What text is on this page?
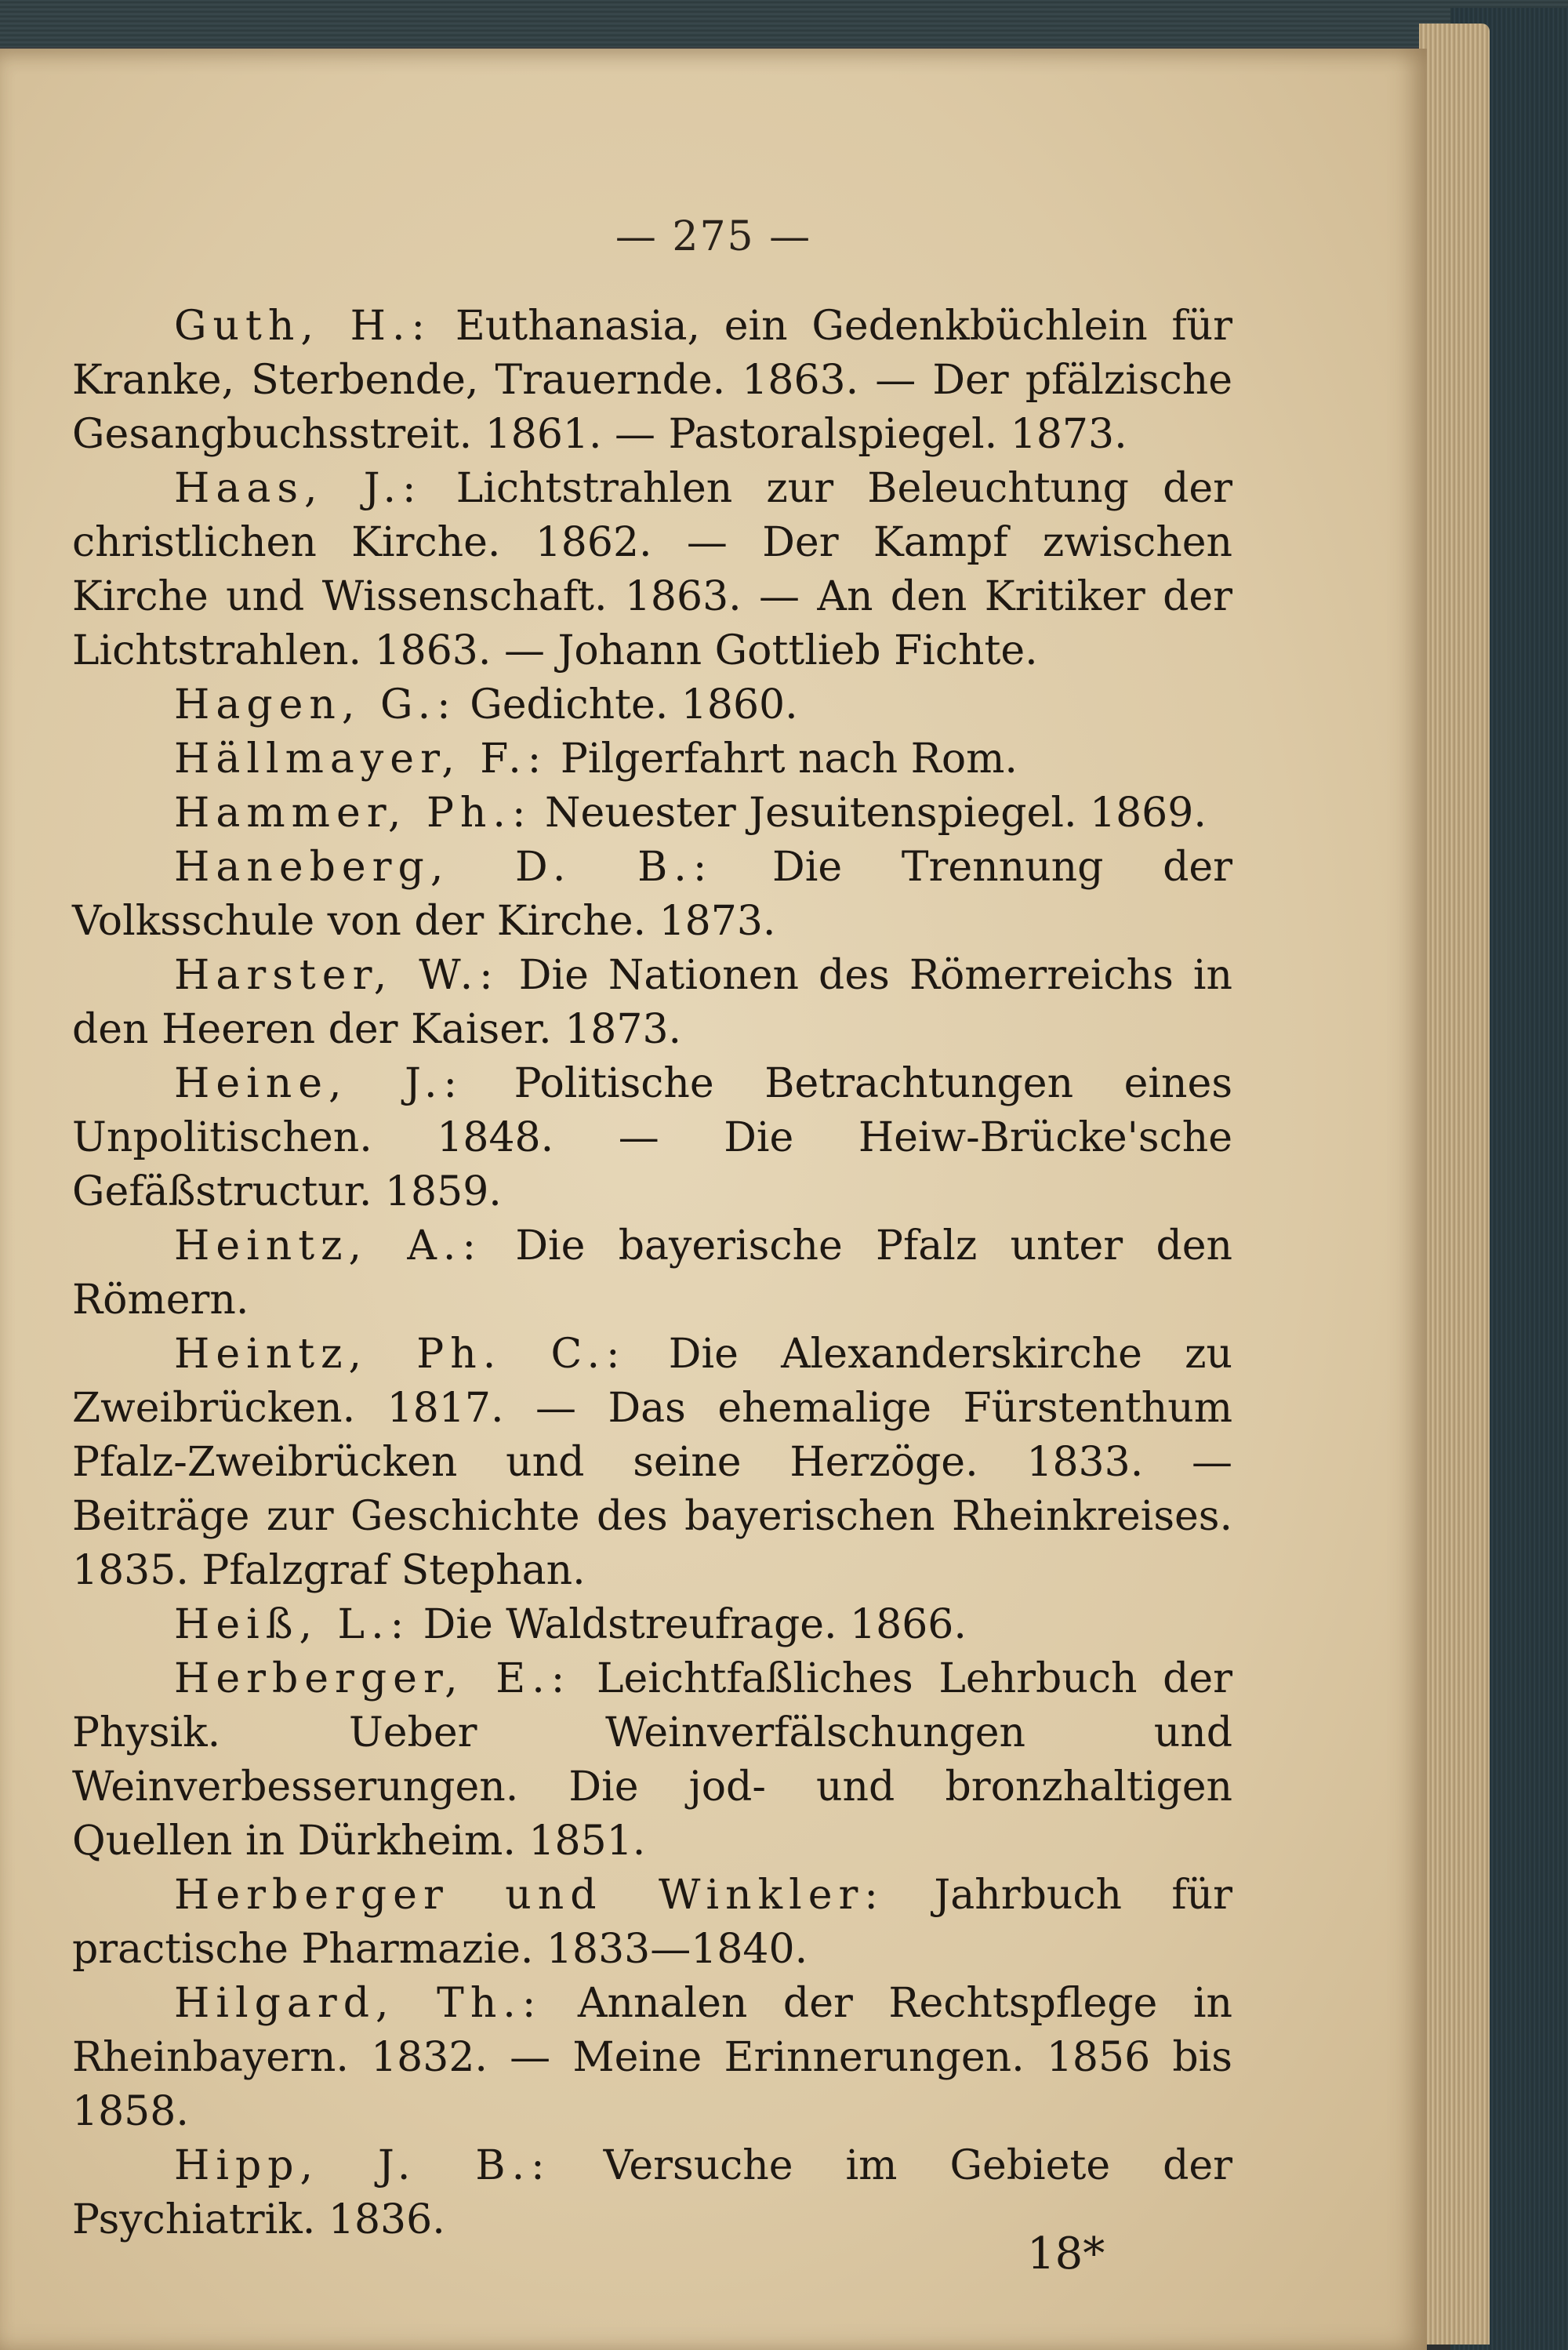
— 275 —

Guth, H.: Euthanasia, ein Gedenkbüchlein für Kranke, Sterbende, Trauernde. 1863. — Der pfälzische Gesangbuchsstreit. 1861. — Pastoralspiegel. 1873.

Haas, J.: Lichtstrahlen zur Beleuchtung der christlichen Kirche. 1862. — Der Kampf zwischen Kirche und Wissenschaft. 1863. — An den Kritiker der Lichtstrahlen. 1863. — Johann Gottlieb Fichte.

Hagen, G.: Gedichte. 1860.

Hällmayer, F.: Pilgerfahrt nach Rom.

Hammer, Ph.: Neuester Jesuitenspiegel. 1869.

Haneberg, D. B.: Die Trennung der Volksschule von der Kirche. 1873.

Harster, W.: Die Nationen des Römerreichs in den Heeren der Kaiser. 1873.

Heine, J.: Politische Betrachtungen eines Unpolitischen. 1848. — Die Heiw-Brücke'sche Gefäßstructur. 1859.

Heintz, A.: Die bayerische Pfalz unter den Römern.

Heintz, Ph. C.: Die Alexanderskirche zu Zweibrücken. 1817. — Das ehemalige Fürstenthum Pfalz-Zweibrücken und seine Herzöge. 1833. — Beiträge zur Geschichte des bayerischen Rheinkreises. 1835. Pfalzgraf Stephan.

Heiß, L.: Die Waldstreufrage. 1866.

Herberger, E.: Leichtfaßliches Lehrbuch der Physik. Ueber Weinverfälschungen und Weinverbesserungen. Die jod- und bronzhaltigen Quellen in Dürkheim. 1851.

Herberger und Winkler: Jahrbuch für practische Pharmazie. 1833—1840.

Hilgard, Th.: Annalen der Rechtspflege in Rheinbayern. 1832. — Meine Erinnerungen. 1856 bis 1858.

Hipp, J. B.: Versuche im Gebiete der Psychiatrik. 1836.

18*
